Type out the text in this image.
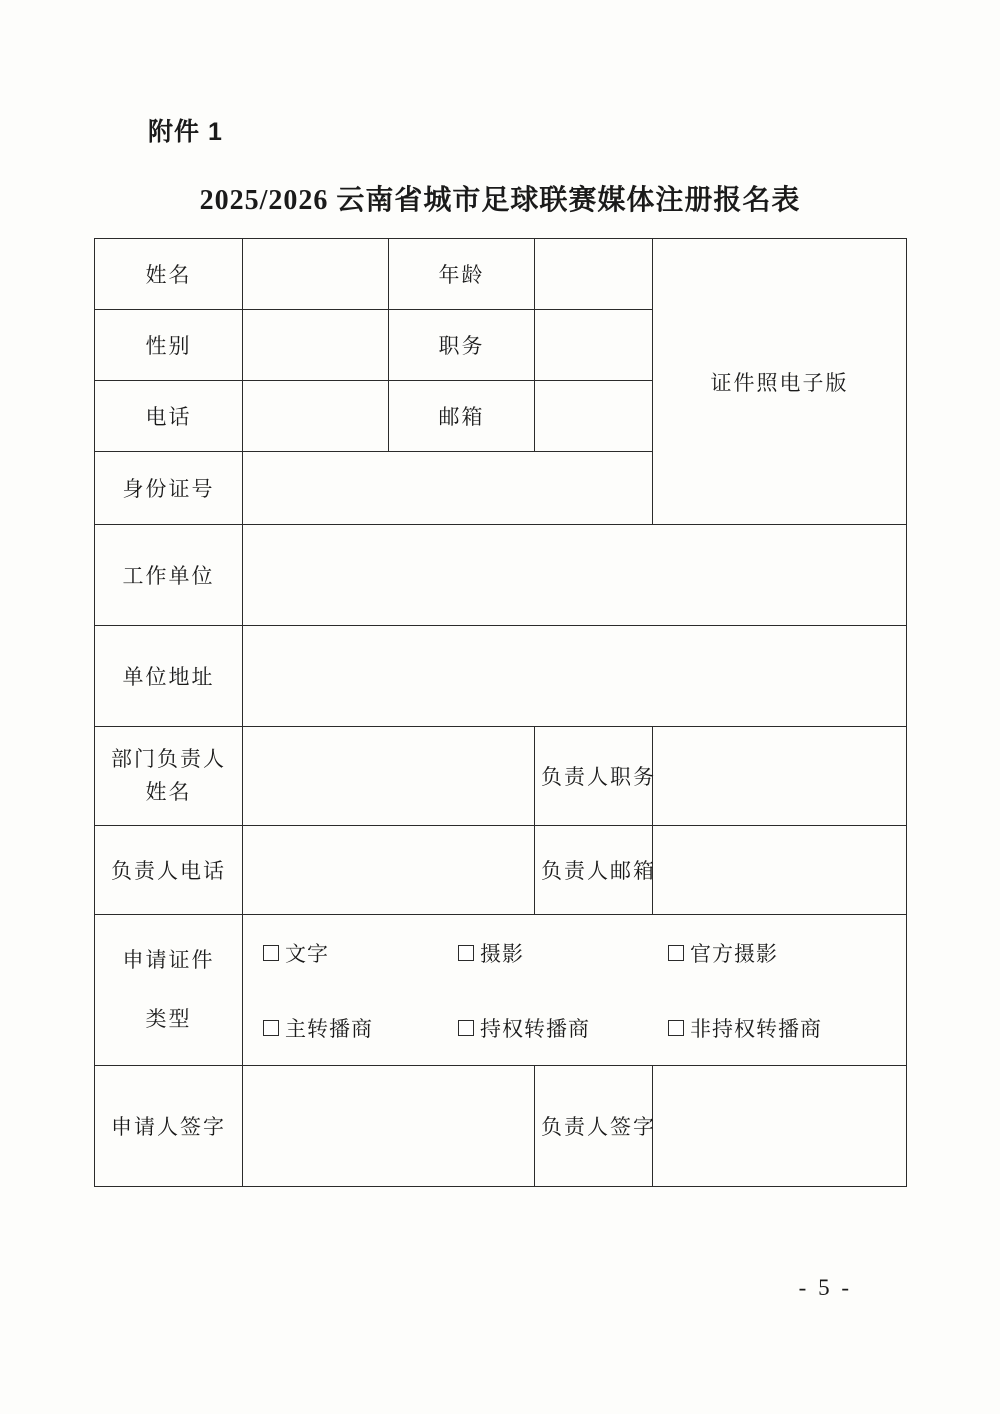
附件 1
2025/2026 云南省城市足球联赛媒体注册报名表
姓名		年龄		证件照电子版
性别		职务		
电话		邮箱		
身份证号				
工作单位				
单位地址				

部门负责人
姓名			负责人职务	
负责人电话			负责人邮箱	

申请证件
类型

文字	摄影	官方摄影
主转播商	持权转播商	非持权转播商

申请人签字			负责人签字	
- 5 -
